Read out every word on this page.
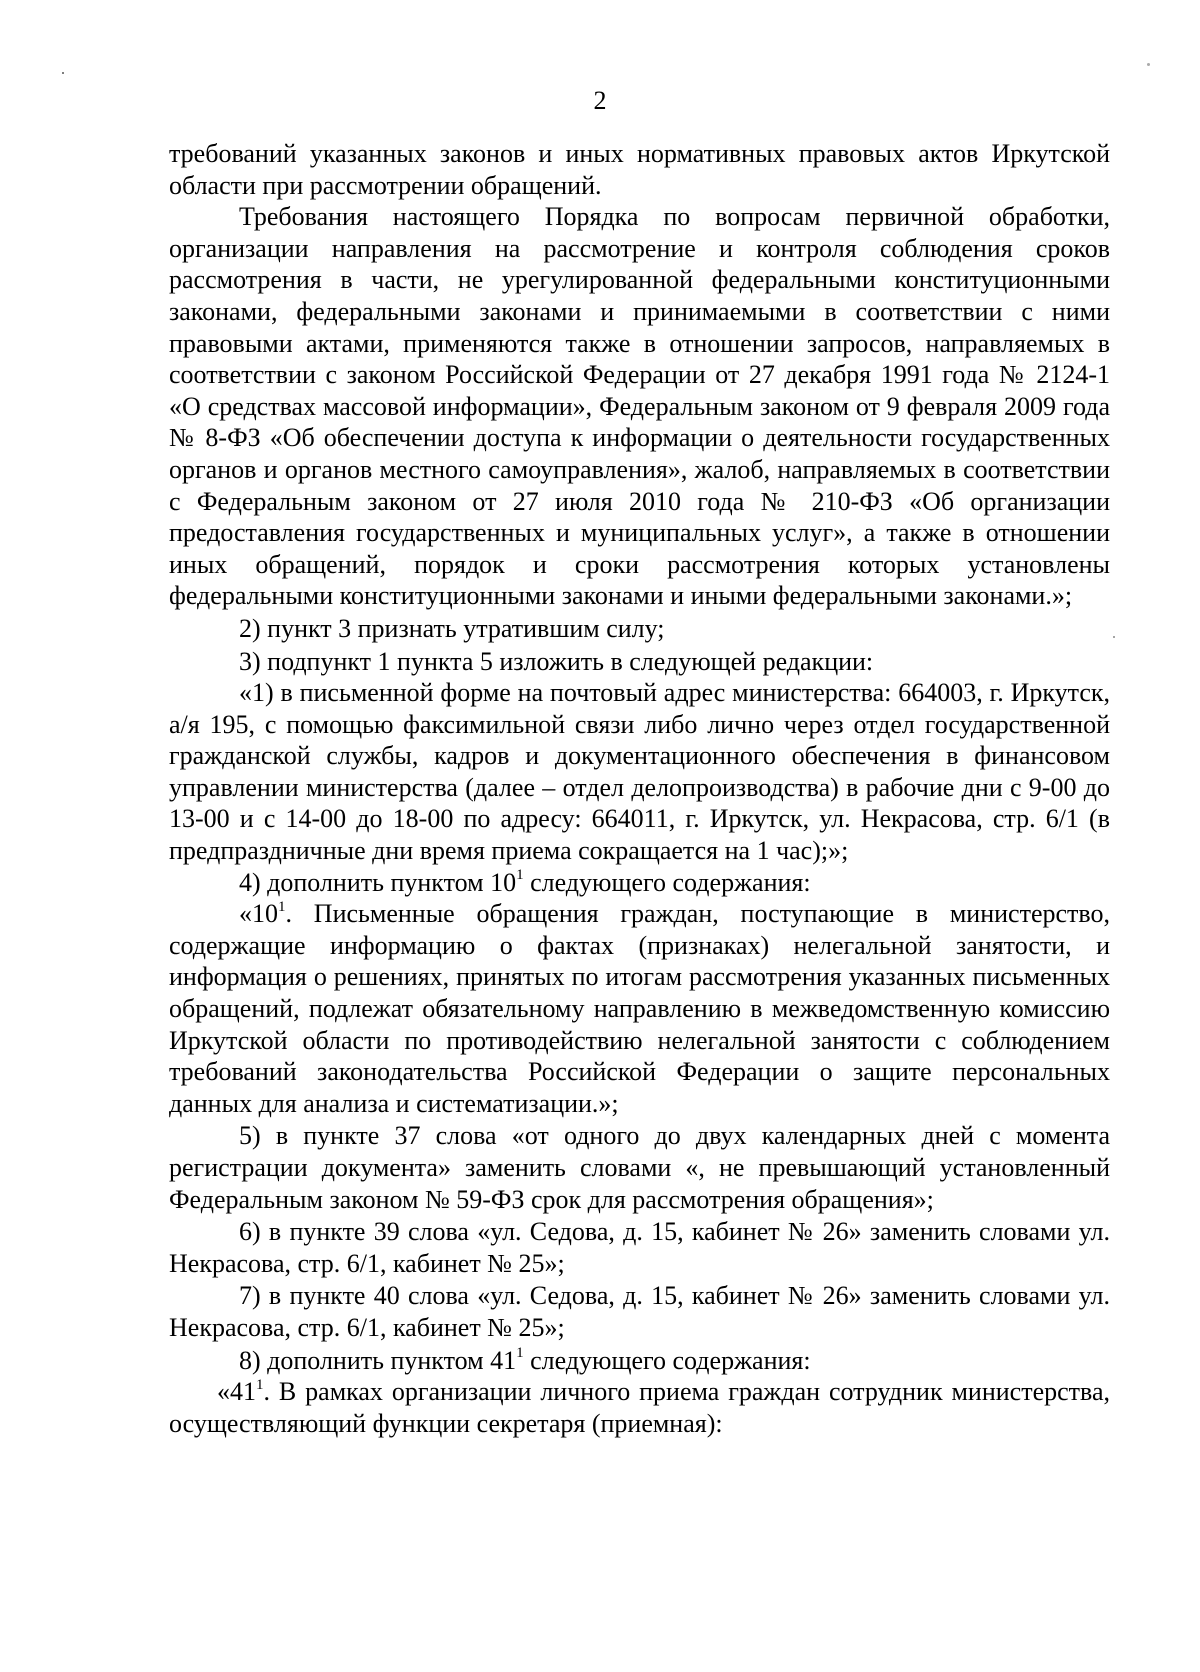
2

требований указанных законов и иных нормативных правовых актов Иркутской области при рассмотрении обращений.

Требования настоящего Порядка по вопросам первичной обработки, организации направления на рассмотрение и контроля соблюдения сроков рассмотрения в части, не урегулированной федеральными конституционными законами, федеральными законами и принимаемыми в соответствии с ними правовыми актами, применяются также в отношении запросов, направляемых в соответствии с законом Российской Федерации от 27 декабря 1991 года № 2124-1 «О средствах массовой информации», Федеральным законом от 9 февраля 2009 года № 8-ФЗ «Об обеспечении доступа к информации о деятельности государственных органов и органов местного самоуправления», жалоб, направляемых в соответствии с Федеральным законом от 27 июля 2010 года № 210-ФЗ «Об организации предоставления государственных и муниципальных услуг», а также в отношении иных обращений, порядок и сроки рассмотрения которых установлены федеральными конституционными законами и иными федеральными законами.»;

2) пункт 3 признать утратившим силу;

3) подпункт 1 пункта 5 изложить в следующей редакции:

«1) в письменной форме на почтовый адрес министерства: 664003, г. Иркутск, а/я 195, с помощью факсимильной связи либо лично через отдел государственной гражданской службы, кадров и документационного обеспечения в финансовом управлении министерства (далее – отдел делопроизводства) в рабочие дни с 9-00 до 13-00 и с 14-00 до 18-00 по адресу: 664011, г. Иркутск, ул. Некрасова, стр. 6/1 (в предпраздничные дни время приема сокращается на 1 час);»;

4) дополнить пунктом $10^1$ следующего содержания:

«$10^1$. Письменные обращения граждан, поступающие в министерство, содержащие информацию о фактах (признаках) нелегальной занятости, и информация о решениях, принятых по итогам рассмотрения указанных письменных обращений, подлежат обязательному направлению в межведомственную комиссию Иркутской области по противодействию нелегальной занятости с соблюдением требований законодательства Российской Федерации о защите персональных данных для анализа и систематизации.»;

5) в пункте 37 слова «от одного до двух календарных дней с момента регистрации документа» заменить словами «, не превышающий установленный Федеральным законом № 59-ФЗ срок для рассмотрения обращения»;

6) в пункте 39 слова «ул. Седова, д. 15, кабинет № 26» заменить словами ул. Некрасова, стр. 6/1, кабинет № 25»;

7) в пункте 40 слова «ул. Седова, д. 15, кабинет № 26» заменить словами ул. Некрасова, стр. 6/1, кабинет № 25»;

8) дополнить пунктом $41^1$ следующего содержания:

«$41^1$. В рамках организации личного приема граждан сотрудник министерства, осуществляющий функции секретаря (приемная):
